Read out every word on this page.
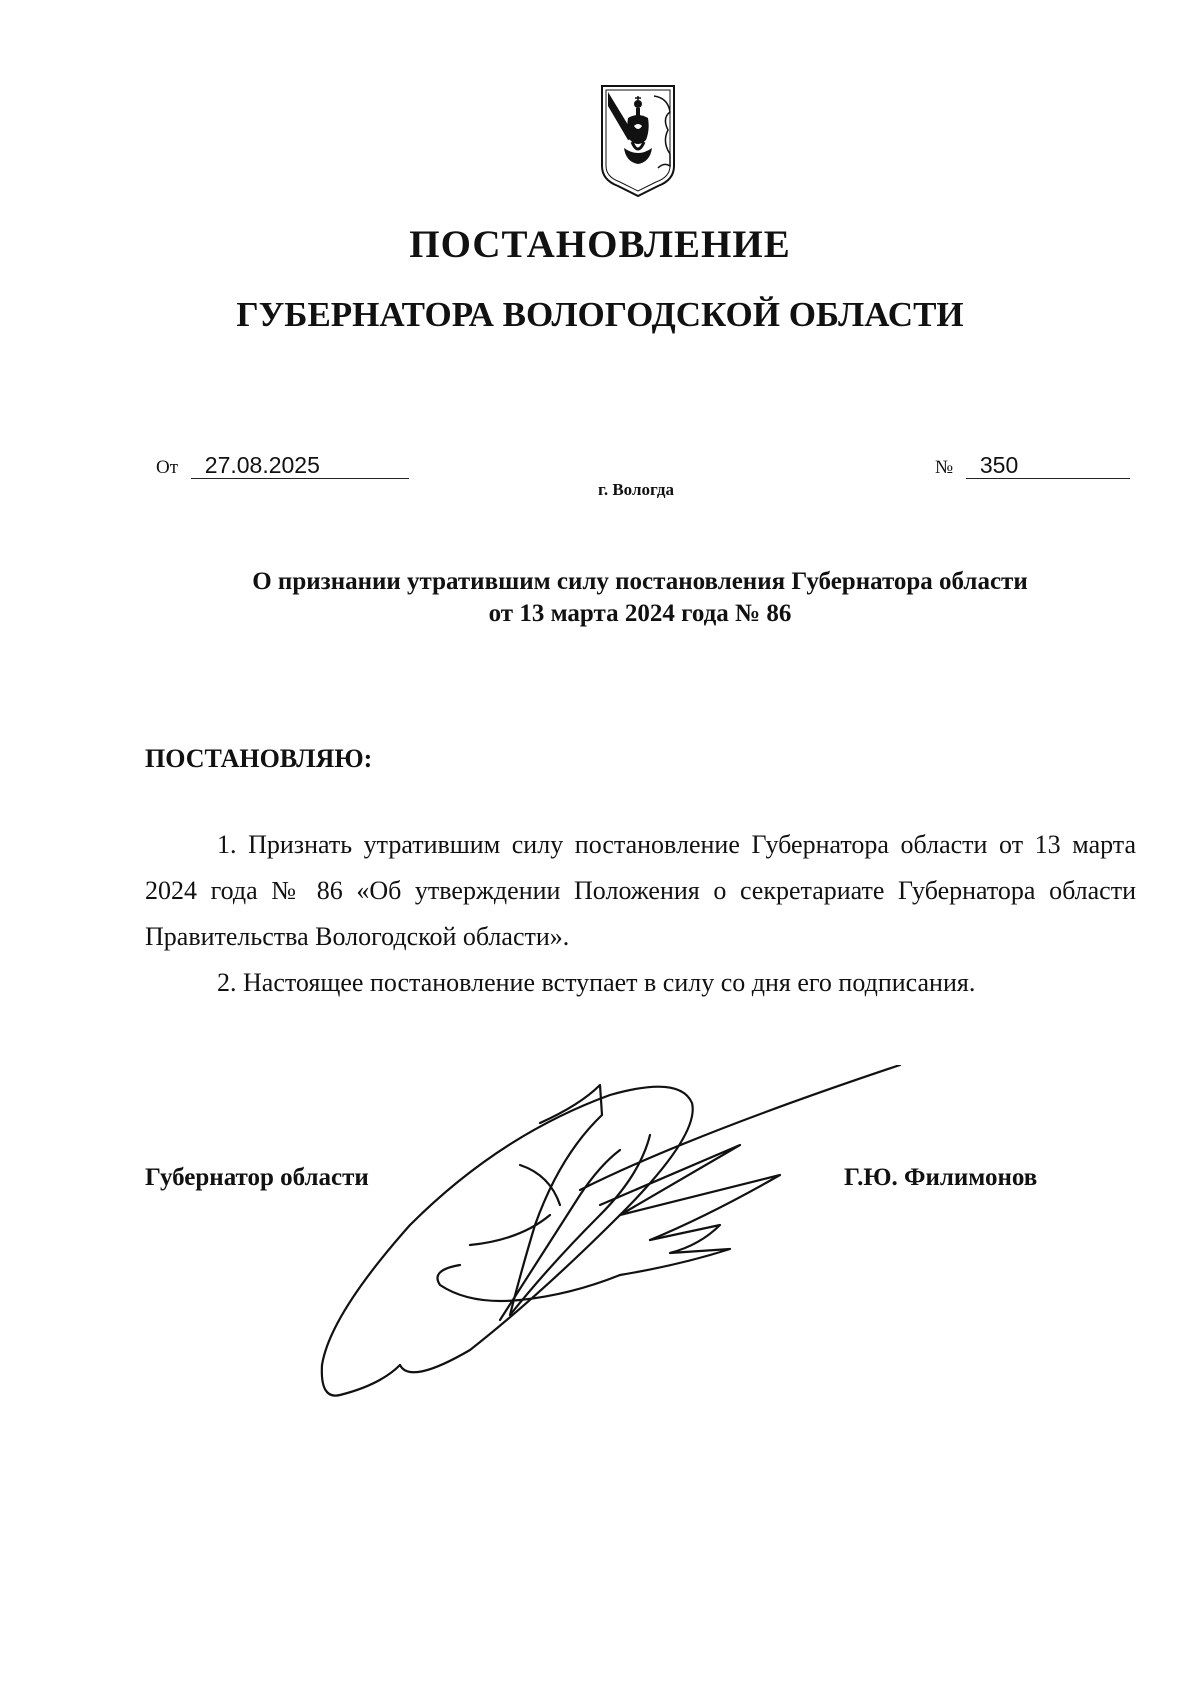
ПОСТАНОВЛЕНИЕ
ГУБЕРНАТОРА ВОЛОГОДСКОЙ ОБЛАСТИ
От 27.08.2025	№ 350
г. Вологда
О признании утратившим силу постановления Губернатора области
от 13 марта 2024 года № 86
ПОСТАНОВЛЯЮ:

1. Признать утратившим силу постановление Губернатора области от 13 марта 2024 года № 86 «Об утверждении Положения о секретариате Губернатора области Правительства Вологодской области».

2. Настоящее постановление вступает в силу со дня его подписания.

Губернатор области	Г.Ю. Филимонов
